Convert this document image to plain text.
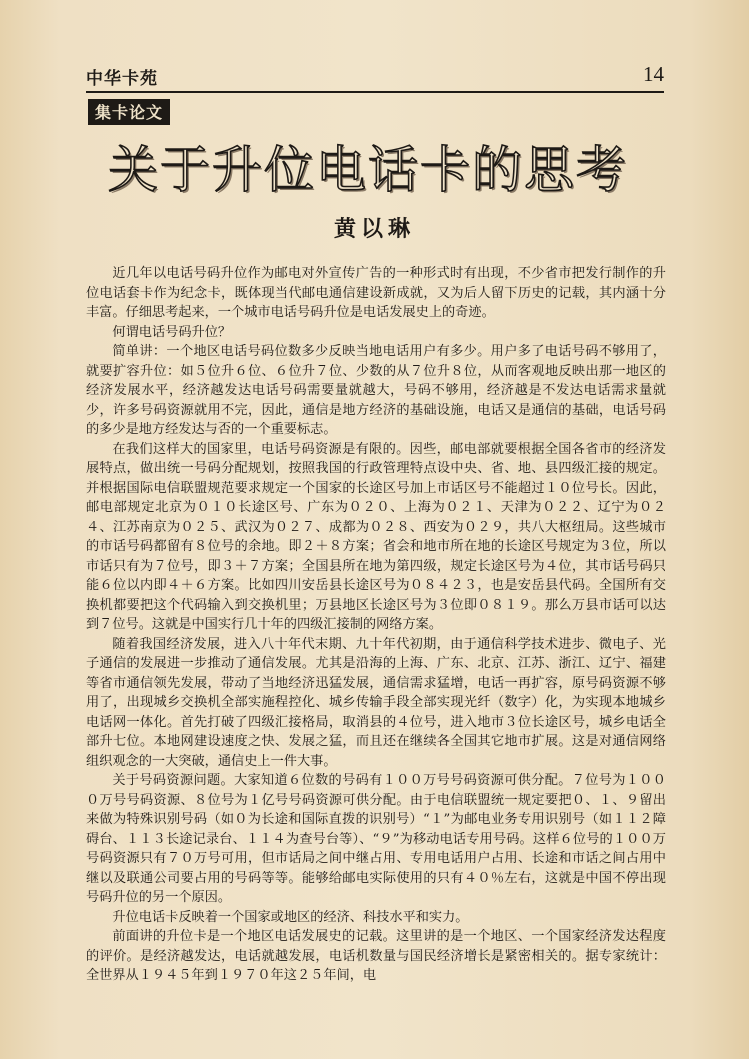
中华卡苑	14
集卡论文
关于升位电话卡的思考
黄以琳

近几年以电话号码升位作为邮电对外宣传广告的一种形式时有出现，不少省市把发行制作的升位电话套卡作为纪念卡，既体现当代邮电通信建设新成就，又为后人留下历史的记载，其内涵十分丰富。仔细思考起来，一个城市电话号码升位是电话发展史上的奇迹。

何谓电话号码升位？

简单讲：一个地区电话号码位数多少反映当地电话用户有多少。用户多了电话号码不够用了，就要扩容升位：如５位升６位、６位升７位、少数的从７位升８位，从而客观地反映出那一地区的经济发展水平，经济越发达电话号码需要量就越大，号码不够用，经济越是不发达电话需求量就少，许多号码资源就用不完，因此，通信是地方经济的基础设施，电话又是通信的基础，电话号码的多少是地方经发达与否的一个重要标志。

在我们这样大的国家里，电话号码资源是有限的。因些，邮电部就要根据全国各省市的经济发展特点，做出统一号码分配规划，按照我国的行政管理特点设中央、省、地、县四级汇接的规定。并根据国际电信联盟规范要求规定一个国家的长途区号加上市话区号不能超过１０位号长。因此，邮电部规定北京为０１０长途区号、广东为０２０、上海为０２１、天津为０２２、辽宁为０２４、江苏南京为０２５、武汉为０２７、成都为０２８、西安为０２９，共八大枢纽局。这些城市的市话号码都留有８位号的余地。即２＋８方案；省会和地市所在地的长途区号规定为３位，所以市话只有为７位号，即３＋７方案；全国县所在地为第四级，规定长途区号为４位，其市话号码只能６位以内即４＋６方案。比如四川安岳县长途区号为０８４２３，也是安岳县代码。全国所有交换机都要把这个代码输入到交换机里；万县地区长途区号为３位即０８１９。那么万县市话可以达到７位号。这就是中国实行几十年的四级汇接制的网络方案。

随着我国经济发展，进入八十年代末期、九十年代初期，由于通信科学技术进步、微电子、光子通信的发展进一步推动了通信发展。尤其是沿海的上海、广东、北京、江苏、浙江、辽宁、福建等省市通信领先发展，带动了当地经济迅猛发展，通信需求猛增，电话一再扩容，原号码资源不够用了，出现城乡交换机全部实施程控化、城乡传输手段全部实现光纤（数字）化，为实现本地城乡电话网一体化。首先打破了四级汇接格局，取消县的４位号，进入地市３位长途区号，城乡电话全部升七位。本地网建设速度之快、发展之猛，而且还在继续各全国其它地市扩展。这是对通信网络组织观念的一大突破，通信史上一件大事。

关于号码资源问题。大家知道６位数的号码有１００万号号码资源可供分配。７位号为１０００万号号码资源、８位号为１亿号号码资源可供分配。由于电信联盟统一规定要把０、１、９留出来做为特殊识别号码（如０为长途和国际直拨的识别号）“１”为邮电业务专用识别号（如１１２障碍台、１１３长途记录台、１１４为查号台等）、“９”为移动电话专用号码。这样６位号的１００万号码资源只有７０万号可用，但市话局之间中继占用、专用电话用户占用、长途和市话之间占用中继以及联通公司要占用的号码等等。能够给邮电实际使用的只有４０％左右，这就是中国不停出现号码升位的另一个原因。

升位电话卡反映着一个国家或地区的经济、科技水平和实力。

前面讲的升位卡是一个地区电话发展史的记载。这里讲的是一个地区、一个国家经济发达程度的评价。是经济越发达，电话就越发展，电话机数量与国民经济增长是紧密相关的。据专家统计：全世界从１９４５年到１９７０年这２５年间，电
